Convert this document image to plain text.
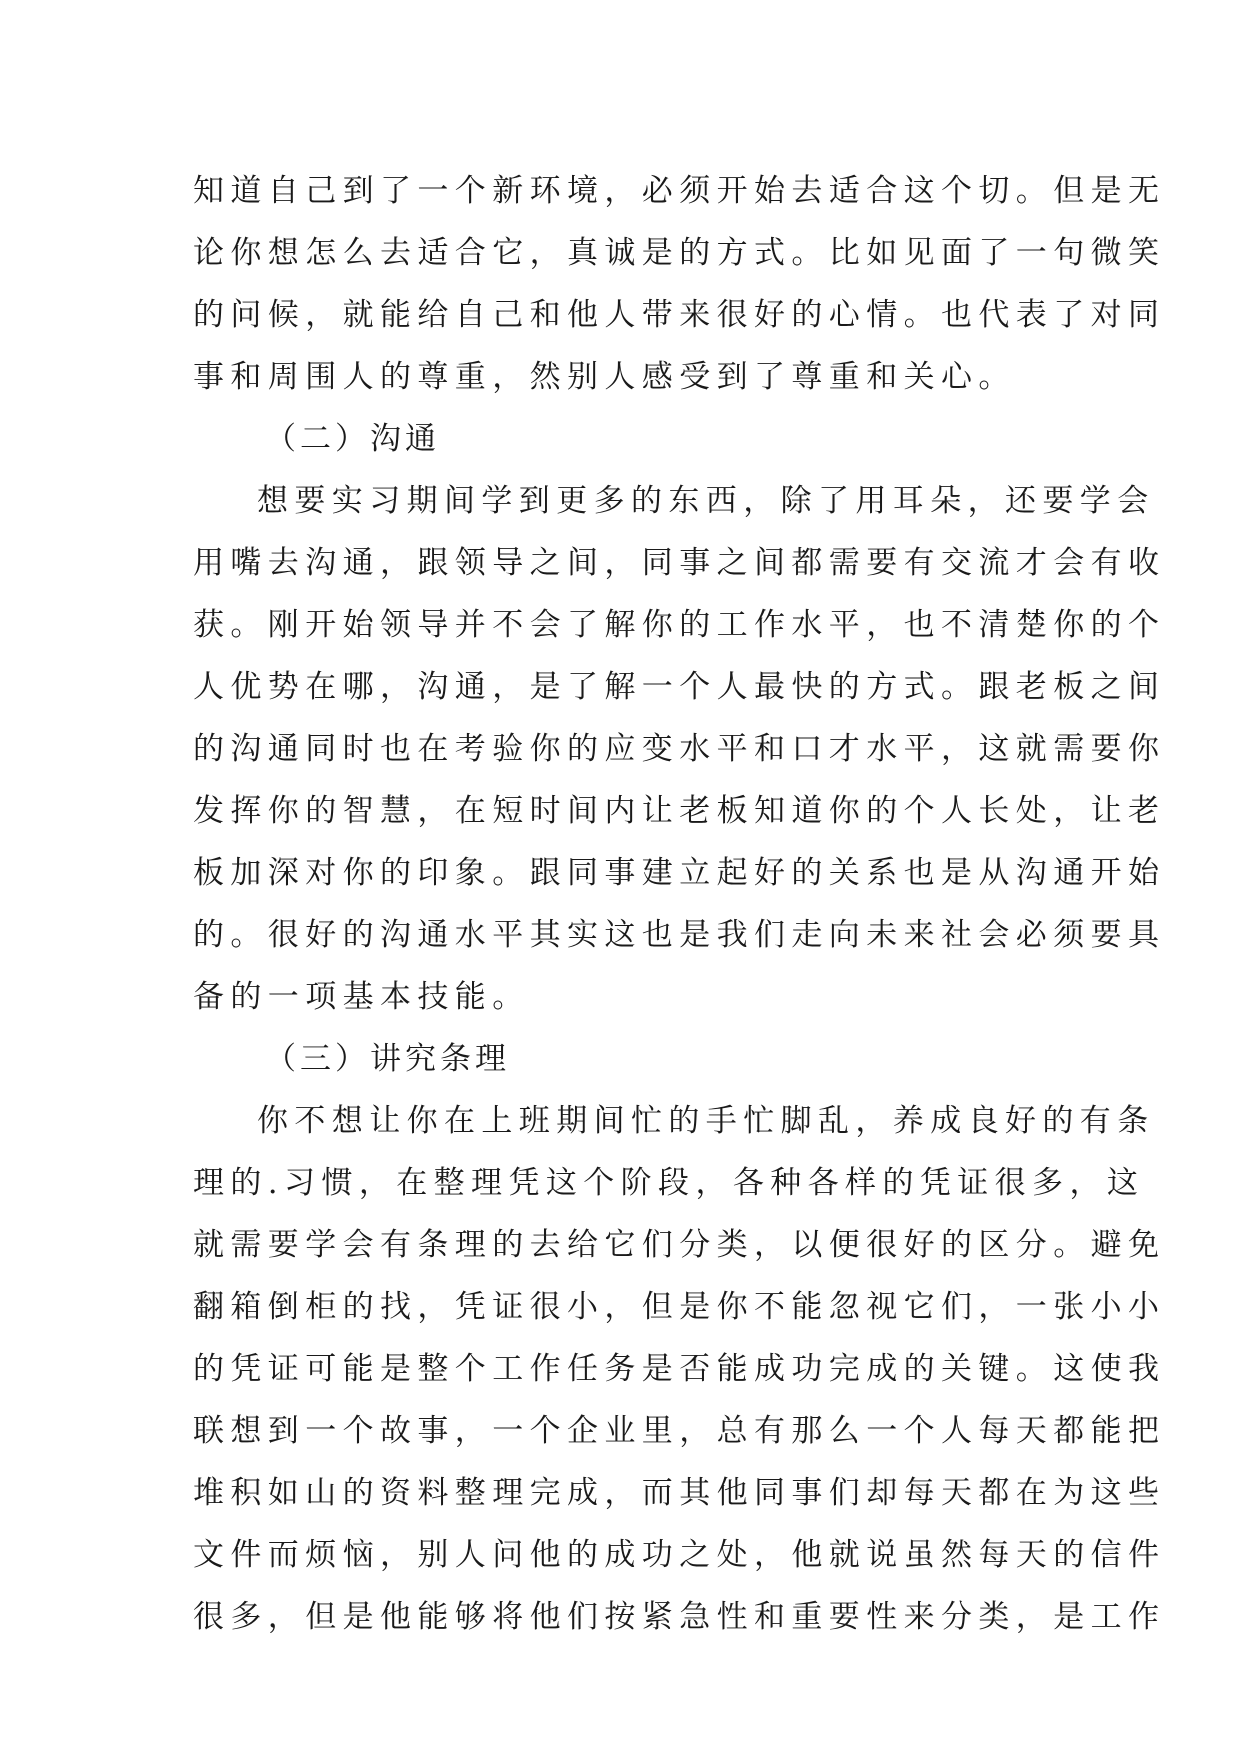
知道自己到了一个新环境，必须开始去适合这个切。但是无
论你想怎么去适合它，真诚是的方式。比如见面了一句微笑
的问候，就能给自己和他人带来很好的心情。也代表了对同
事和周围人的尊重，然别人感受到了尊重和关心。
（二）沟通
想要实习期间学到更多的东西，除了用耳朵，还要学会
用嘴去沟通，跟领导之间，同事之间都需要有交流才会有收
获。刚开始领导并不会了解你的工作水平，也不清楚你的个
人优势在哪，沟通，是了解一个人最快的方式。跟老板之间
的沟通同时也在考验你的应变水平和口才水平，这就需要你
发挥你的智慧，在短时间内让老板知道你的个人长处，让老
板加深对你的印象。跟同事建立起好的关系也是从沟通开始
的。很好的沟通水平其实这也是我们走向未来社会必须要具
备的一项基本技能。
（三）讲究条理
你不想让你在上班期间忙的手忙脚乱，养成良好的有条
理的.习惯，在整理凭这个阶段，各种各样的凭证很多，这
就需要学会有条理的去给它们分类，以便很好的区分。避免
翻箱倒柜的找，凭证很小，但是你不能忽视它们，一张小小
的凭证可能是整个工作任务是否能成功完成的关键。这使我
联想到一个故事，一个企业里，总有那么一个人每天都能把
堆积如山的资料整理完成，而其他同事们却每天都在为这些
文件而烦恼，别人问他的成功之处，他就说虽然每天的信件
很多，但是他能够将他们按紧急性和重要性来分类，是工作
